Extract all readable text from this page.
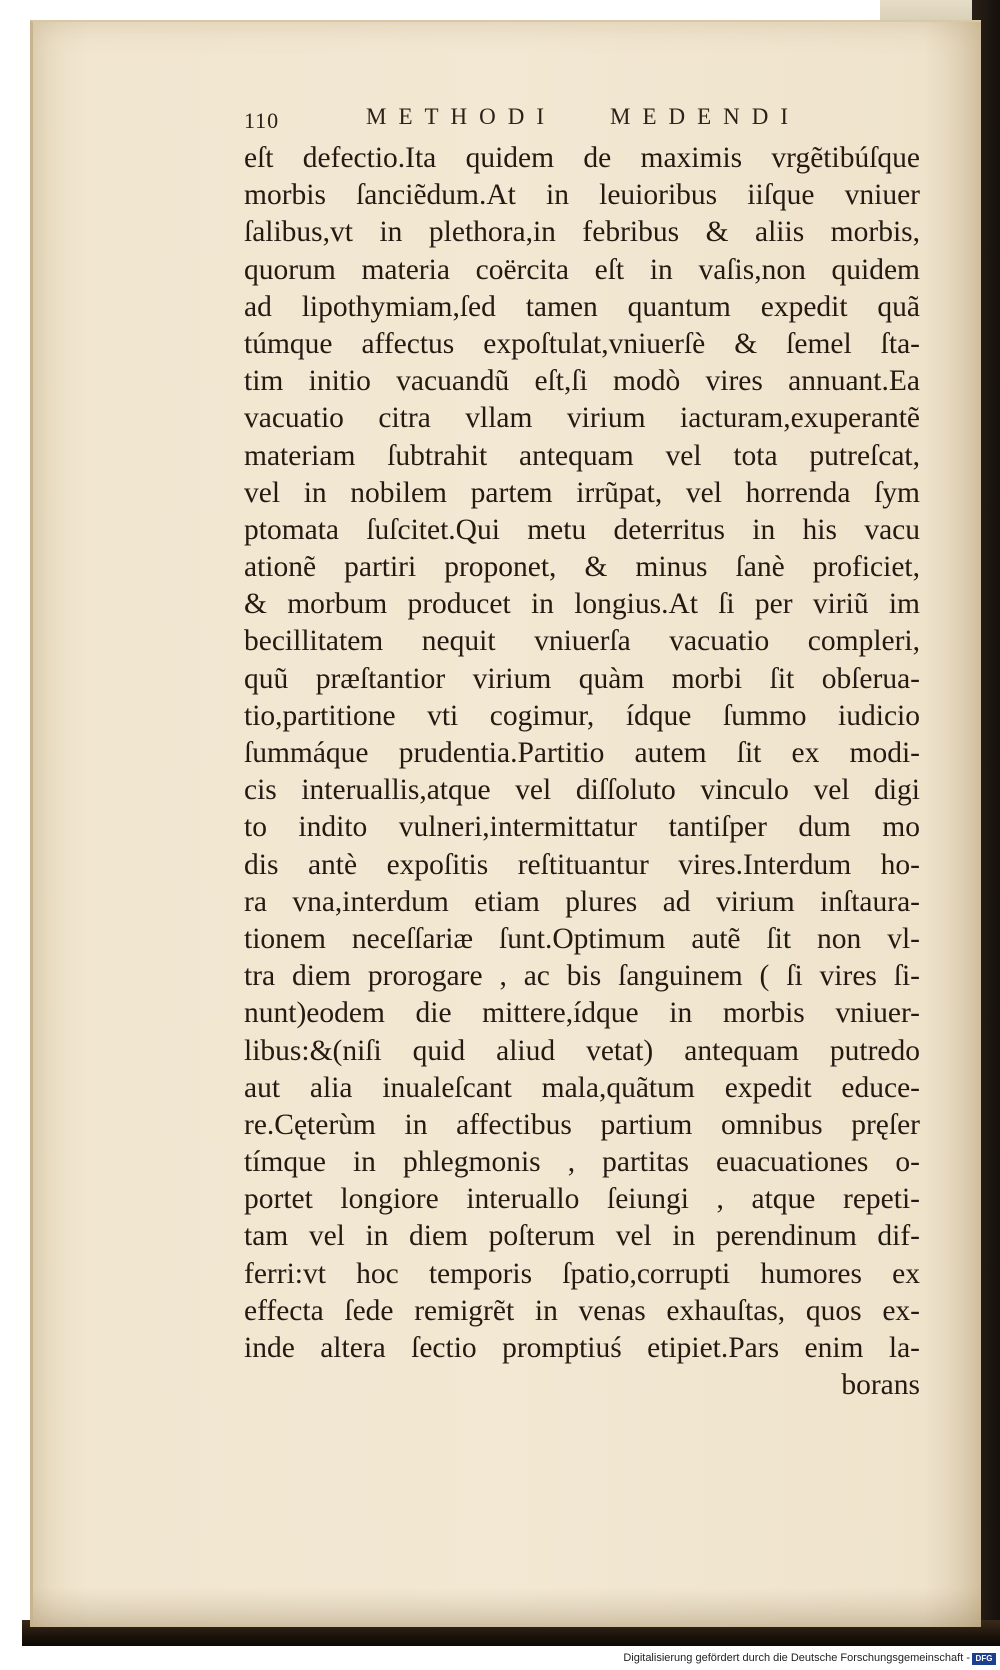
110	METHODI MEDENDI
eſt defectio.Ita quidem de maximis vrgẽtibúſque
morbis ſanciẽdum.At in leuioribus iiſque vniuer
ſalibus,vt in plethora,in febribus & aliis morbis,
quorum materia coërcita eſt in vaſis,non quidem
ad lipothymiam,ſed tamen quantum expedit quã
túmque affectus expoſtulat,vniuerſè & ſemel ſta-
tim initio vacuandũ eſt,ſi modò vires annuant.Ea
vacuatio citra vllam virium iacturam,exuperantẽ
materiam ſubtrahit antequam vel tota putreſcat,
vel in nobilem partem irrũpat, vel horrenda ſym
ptomata ſuſcitet.Qui metu deterritus in his vacu
ationẽ partiri proponet, & minus ſanè proficiet,
& morbum producet in longius.At ſi per viriũ im
becillitatem nequit vniuerſa vacuatio compleri,
quũ præſtantior virium quàm morbi ſit obſerua-
tio,partitione vti cogimur, ídque ſummo iudicio
ſummáque prudentia.Partitio autem ſit ex modi-
cis interuallis,atque vel diſſoluto vinculo vel digi
to indito vulneri,intermittatur tantiſper dum mo
dis antè expoſitis reſtituantur vires.Interdum ho-
ra vna,interdum etiam plures ad virium inſtaura-
tionem neceſſariæ ſunt.Optimum autẽ ſit non vl-
tra diem prorogare , ac bis ſanguinem ( ſi vires ſi-
nunt)eodem die mittere,ídque in morbis vniuer-
libus:&(niſi quid aliud vetat) antequam putredo
aut alia inualeſcant mala,quãtum expedit educe-
re.Cęterùm in affectibus partium omnibus pręſer
tímque in phlegmonis , partitas euacuationes o-
portet longiore interuallo ſeiungi , atque repeti-
tam vel in diem poſterum vel in perendinum dif-
ferri:vt hoc temporis ſpatio,corrupti humores ex
effecta ſede remigrẽt in venas exhauſtas, quos ex-
inde altera ſectio promptiuś etipiet.Pars enim la-
borans
Digitalisierung gefördert durch die Deutsche Forschungsgemeinschaft - DFG
